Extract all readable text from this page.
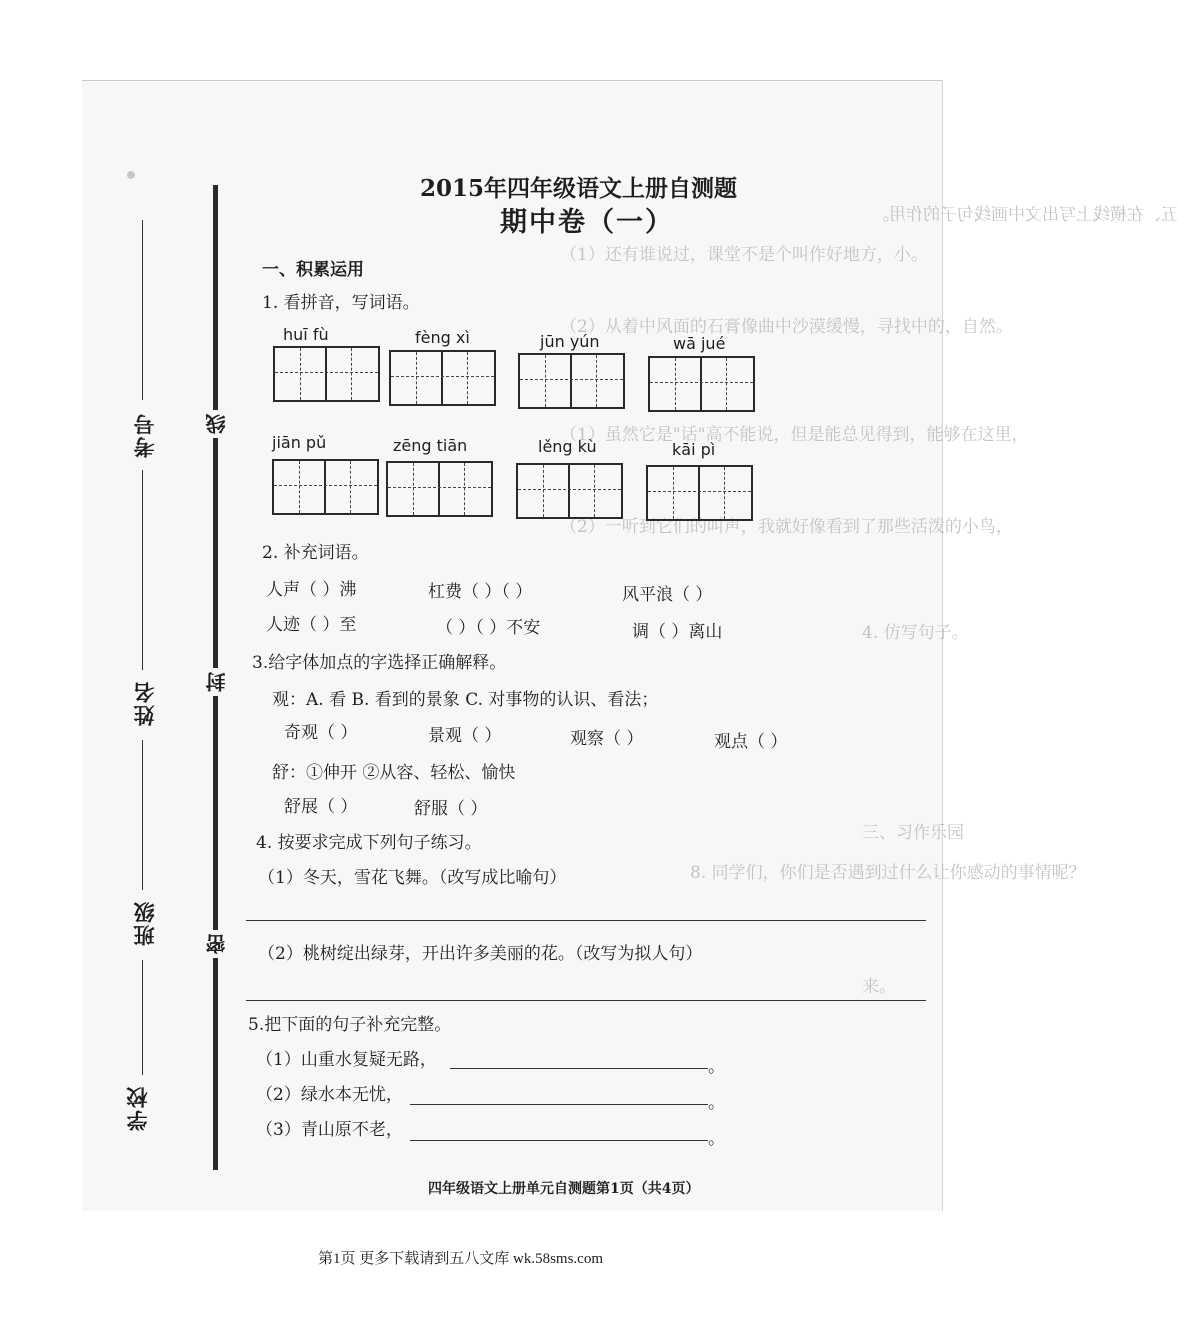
五、在横线上写出文中画线句子的作用。
（1）还有谁说过，课堂不是个叫作好地方，小。
（2）从着中风面的石膏像曲中沙漠缓慢，寻找中的，自然。
（1）虽然它是"话"高不能说，但是能总见得到，能够在这里，
（2）一听到它们的叫声，我就好像看到了那些活泼的小鸟，
4. 仿写句子。
三、习作乐园
8. 同学们，你们是否遇到过什么让你感动的事情呢？
来。
考号
姓名
班级
学校
线
封
密
2015年四年级语文上册自测题
期中卷（一）
一、积累运用
1. 看拼音，写词语。
huī fù	fèng xì	jūn yún	wā jué
jiān pǔ	zēng tiān	lěng kù	kāi pì
2. 补充词语。
人声（ ）沸	杠费（ ）（ ）	风平浪（ ）
人迹（ ）至	（ ）（ ）不安	调（ ）离山
3.给字体加点的字选择正确解释。
观：A. 看 B. 看到的景象 C. 对事物的认识、看法；
奇观（ ）	景观（ ）	观察（ ）	观点（ ）
舒：①伸开 ②从容、轻松、愉快
舒展（ ）	舒服（ ）
4. 按要求完成下列句子练习。
（1）冬天，雪花飞舞。（改写成比喻句）
（2）桃树绽出绿芽，开出许多美丽的花。（改写为拟人句）
5.把下面的句子补充完整。
（1）山重水复疑无路，	。
（2）绿水本无忧，	。
（3）青山原不老，	。
四年级语文上册单元自测题第1页（共4页）
第1页 更多下载请到五八文库 wk.58sms.com
